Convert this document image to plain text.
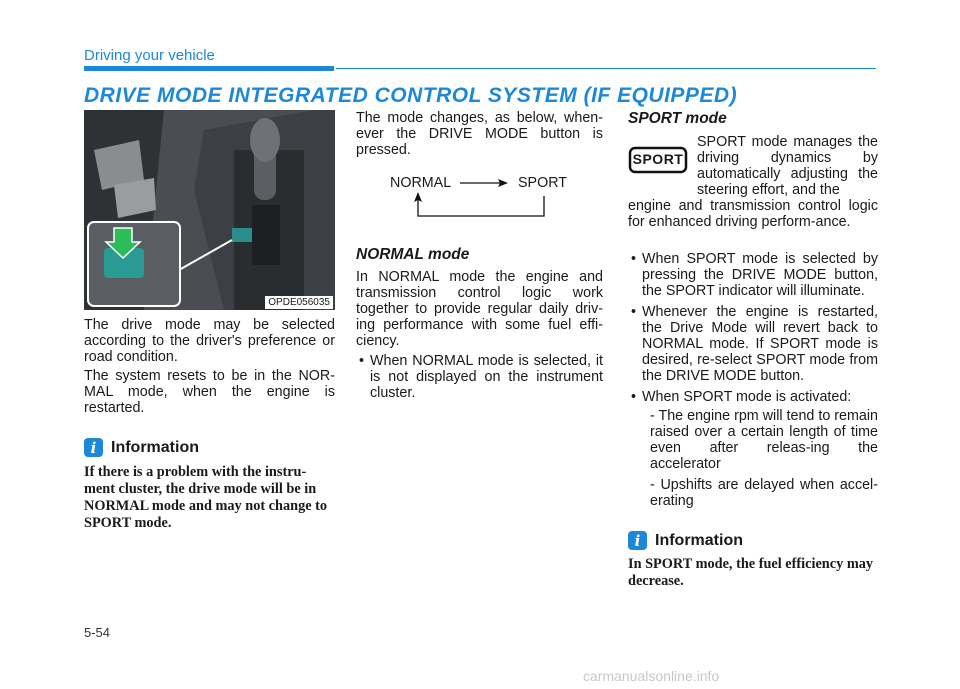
Driving your vehicle
DRIVE MODE INTEGRATED CONTROL SYSTEM (IF EQUIPPED)
OPDE056035
The drive mode may be selected according to the driver's preference or road condition.
The system resets to be in the NOR-MAL mode, when the engine is restarted.
i Information
If there is a problem with the instru-ment cluster, the drive mode will be in NORMAL mode and may not change to SPORT mode.
The mode changes, as below, when-ever the DRIVE MODE button is pressed.
NORMAL	SPORT
NORMAL mode
In NORMAL mode the engine and transmission control logic work together to provide regular daily driv-ing performance with some fuel effi-ciency.
• When NORMAL mode is selected, it is not displayed on the instrument cluster.
SPORT mode
SPORT
SPORT mode manages the driving dynamics by automatically adjusting the steering effort, and the
engine and transmission control logic for enhanced driving perform-ance.
• When SPORT mode is selected by pressing the DRIVE MODE button, the SPORT indicator will illuminate.
• Whenever the engine is restarted, the Drive Mode will revert back to NORMAL mode. If SPORT mode is desired, re-select SPORT mode from the DRIVE MODE button.
• When SPORT mode is activated:
- The engine rpm will tend to remain raised over a certain length of time even after releas-ing the accelerator
- Upshifts are delayed when accel-erating
i Information
In SPORT mode, the fuel efficiency may decrease.
5-54
carmanualsonline.info
